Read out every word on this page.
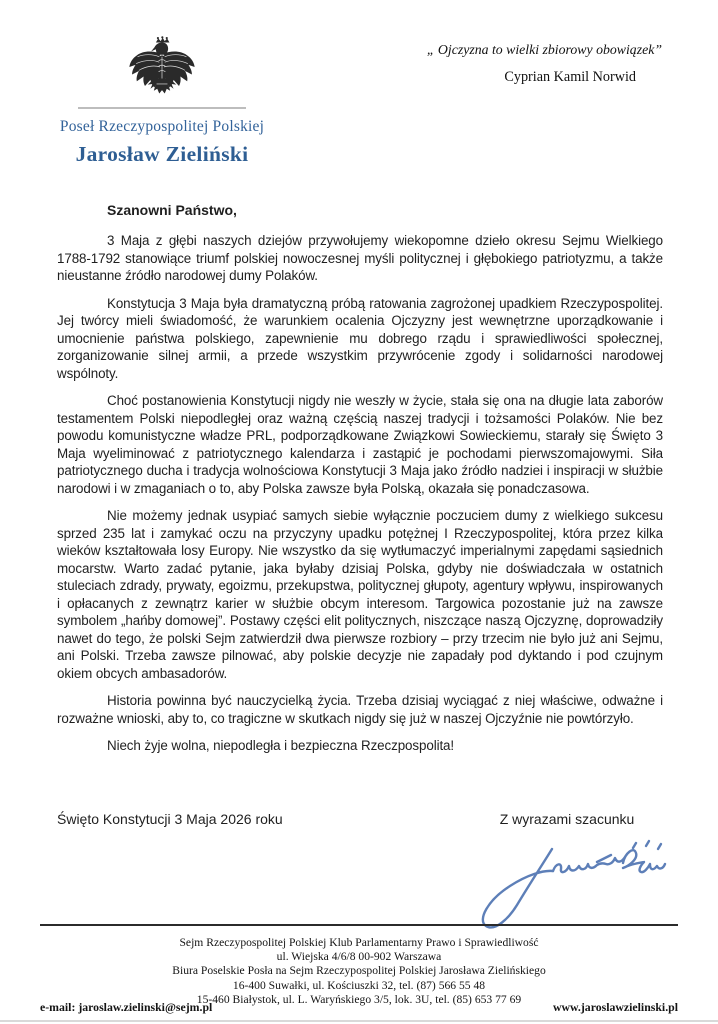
Poseł Rzeczypospolitej Polskiej
Jarosław Zieliński
„ Ojczyzna to wielki zbiorowy obowiązek”
Cyprian Kamil Norwid

Szanowni Państwo,

3 Maja z głębi naszych dziejów przywołujemy wiekopomne dzieło okresu Sejmu Wielkiego 1788-1792 stanowiące triumf polskiej nowoczesnej myśli politycznej i głębokiego patriotyzmu, a także nieustanne źródło narodowej dumy Polaków.

Konstytucja 3 Maja była dramatyczną próbą ratowania zagrożonej upadkiem Rzeczypospolitej. Jej twórcy mieli świadomość, że warunkiem ocalenia Ojczyzny jest wewnętrzne uporządkowanie i umocnienie państwa polskiego, zapewnienie mu dobrego rządu i sprawiedliwości społecznej, zorganizowanie silnej armii, a przede wszystkim przywrócenie zgody i solidarności narodowej wspólnoty.

Choć postanowienia Konstytucji nigdy nie weszły w życie, stała się ona na długie lata zaborów testamentem Polski niepodległej oraz ważną częścią naszej tradycji i tożsamości Polaków. Nie bez powodu komunistyczne władze PRL, podporządkowane Związkowi Sowieckiemu, starały się Święto 3 Maja wyeliminować z patriotycznego kalendarza i zastąpić je pochodami pierwszomajowymi. Siła patriotycznego ducha i tradycja wolnościowa Konstytucji 3 Maja jako źródło nadziei i inspiracji w służbie narodowi i w zmaganiach o to, aby Polska zawsze była Polską, okazała się ponadczasowa.

Nie możemy jednak usypiać samych siebie wyłącznie poczuciem dumy z wielkiego sukcesu sprzed 235 lat i zamykać oczu na przyczyny upadku potężnej I Rzeczypospolitej, która przez kilka wieków kształtowała losy Europy. Nie wszystko da się wytłumaczyć imperialnymi zapędami sąsiednich mocarstw. Warto zadać pytanie, jaka byłaby dzisiaj Polska, gdyby nie doświadczała w ostatnich stuleciach zdrady, prywaty, egoizmu, przekupstwa, politycznej głupoty, agentury wpływu, inspirowanych i opłacanych z zewnątrz karier w służbie obcym interesom. Targowica pozostanie już na zawsze symbolem „hańby domowej”. Postawy części elit politycznych, niszczące naszą Ojczyznę, doprowadziły nawet do tego, że polski Sejm zatwierdził dwa pierwsze rozbiory – przy trzecim nie było już ani Sejmu, ani Polski. Trzeba zawsze pilnować, aby polskie decyzje nie zapadały pod dyktando i pod czujnym okiem obcych ambasadorów.

Historia powinna być nauczycielką życia. Trzeba dzisiaj wyciągać z niej właściwe, odważne i rozważne wnioski, aby to, co tragiczne w skutkach nigdy się już w naszej Ojczyźnie nie powtórzyło.

Niech żyje wolna, niepodległa i bezpieczna Rzeczpospolita!

Święto Konstytucji 3 Maja 2026 roku	Z wyrazami szacunku
Sejm Rzeczypospolitej Polskiej Klub Parlamentarny Prawo i Sprawiedliwość
ul. Wiejska 4/6/8 00-902 Warszawa
Biura Poselskie Posła na Sejm Rzeczypospolitej Polskiej Jarosława Zielińskiego
16-400 Suwałki, ul. Kościuszki 32, tel. (87) 566 55 48
15-460 Białystok, ul. L. Waryńskiego 3/5, lok. 3U, tel. (85) 653 77 69
e-mail: jaroslaw.zielinski@sejm.pl	www.jaroslawzielinski.pl
